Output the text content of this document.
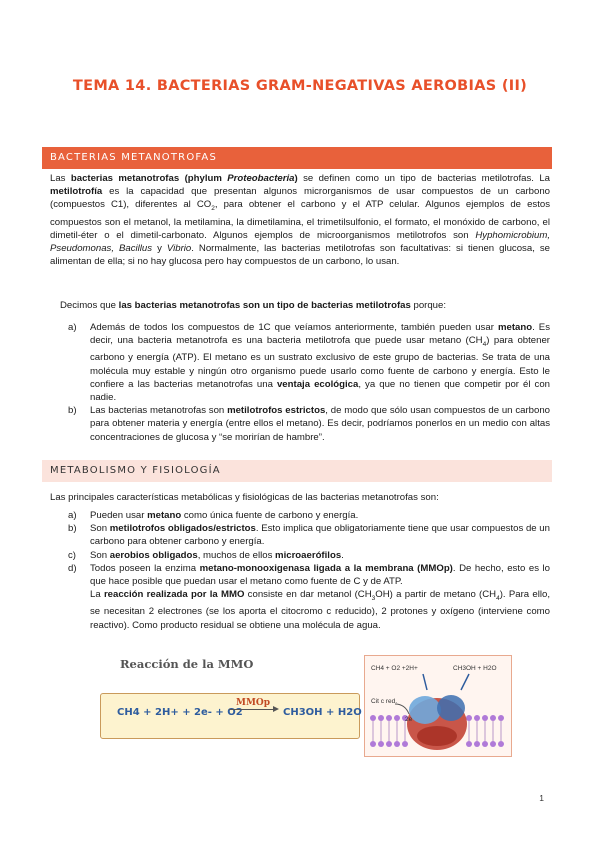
TEMA 14. BACTERIAS GRAM-NEGATIVAS AEROBIAS (II)
BACTERIAS METANOTROFAS
Las bacterias metanotrofas (phylum Proteobacteria) se definen como un tipo de bacterias metilotrofas. La metilotrofía es la capacidad que presentan algunos microrganismos de usar compuestos de un carbono (compuestos C1), diferentes al $CO_2$, para obtener el carbono y el ATP celular. Algunos ejemplos de estos compuestos son el metanol, la metilamina, la dimetilamina, el trimetilsulfonio, el formato, el monóxido de carbono, el dimetil-éter o el dimetil-carbonato. Algunos ejemplos de microorganismos metilotrofos son Hyphomicrobium, Pseudomonas, Bacillus y Vibrio. Normalmente, las bacterias metilotrofas son facultativas: si tienen glucosa, se alimentan de ella; si no hay glucosa pero hay compuestos de un carbono, lo usan.
Decimos que las bacterias metanotrofas son un tipo de bacterias metilotrofas porque:
a) Además de todos los compuestos de 1C que veíamos anteriormente, también pueden usar metano. Es decir, una bacteria metanotrofa es una bacteria metilotrofa que puede usar metano $(CH_4)$ para obtener carbono y energía (ATP). El metano es un sustrato exclusivo de este grupo de bacterias. Se trata de una molécula muy estable y ningún otro organismo puede usarlo como fuente de carbono y energía. Esto le confiere a las bacterias metanotrofas una ventaja ecológica, ya que no tienen que competir por él con nadie.
b) Las bacterias metanotrofas son metilotrofos estrictos, de modo que sólo usan compuestos de un carbono para obtener materia y energía (entre ellos el metano). Es decir, podríamos ponerlos en un medio con altas concentraciones de glucosa y “se morirían de hambre”.
METABOLISMO Y FISIOLOGÍA
Las principales características metabólicas y fisiológicas de las bacterias metanotrofas son:
a) Pueden usar metano como única fuente de carbono y energía.
b) Son metilotrofos obligados/estrictos. Esto implica que obligatoriamente tiene que usar compuestos de un carbono para obtener carbono y energía.
c) Son aerobios obligados, muchos de ellos microaerófilos.
d) Todos poseen la enzima metano-monooxigenasa ligada a la membrana (MMOp). De hecho, esto es lo que hace posible que puedan usar el metano como fuente de C y de ATP.
La reacción realizada por la MMO consiste en dar metanol $(CH_3OH)$ a partir de metano $(CH_4)$. Para ello, se necesitan 2 electrones (se los aporta el citocromo c reducido), 2 protones y oxígeno (interviene como reactivo). Como producto residual se obtiene una molécula de agua.
Reacción de la MMO
CH4 + 2H+ + 2e- + O2
MMOp
→ CH3OH + H2O
CH4 + O2 +2H+	CH3OH + H2O
Cit c red.
2e
1
